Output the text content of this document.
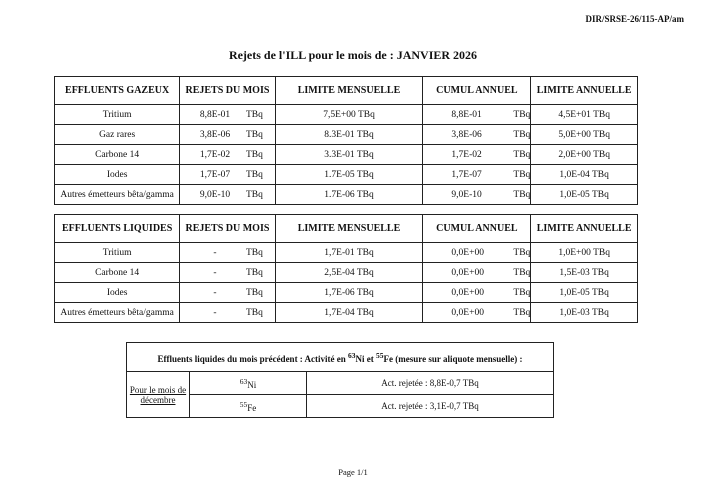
DIR/SRSE-26/115-AP/am
Rejets de l'ILL pour le mois de : JANVIER 2026
EFFLUENTS GAZEUX	REJETS DU MOIS	LIMITE MENSUELLE	CUMUL ANNUEL	LIMITE ANNUELLE
Tritium	8,8E-01 TBq	7,5E+00 TBq	8,8E-01 TBq	4,5E+01 TBq
Gaz rares	3,8E-06 TBq	8.3E-01 TBq	3,8E-06 TBq	5,0E+00 TBq
Carbone 14	1,7E-02 TBq	3.3E-01 TBq	1,7E-02 TBq	2,0E+00 TBq
Iodes	1,7E-07 TBq	1.7E-05 TBq	1,7E-07 TBq	1,0E-04 TBq
Autres émetteurs bêta/gamma	9,0E-10 TBq	1.7E-06 TBq	9,0E-10 TBq	1,0E-05 TBq
EFFLUENTS LIQUIDES	REJETS DU MOIS	LIMITE MENSUELLE	CUMUL ANNUEL	LIMITE ANNUELLE
Tritium	- TBq	1,7E-01 TBq	0,0E+00 TBq	1,0E+00 TBq
Carbone 14	- TBq	2,5E-04 TBq	0,0E+00 TBq	1,5E-03 TBq
Iodes	- TBq	1,7E-06 TBq	0,0E+00 TBq	1,0E-05 TBq
Autres émetteurs bêta/gamma	- TBq	1,7E-04 TBq	0,0E+00 TBq	1,0E-03 TBq
Effluents liquides du mois précédent : Activité en $^{63}$Ni et $^{55}$Fe (mesure sur aliquote mensuelle) :		
Pour le mois de décembre	$^{63}$Ni	Act. rejetée : 8,8E-0,7 TBq
	$^{55}$Fe	Act. rejetée : 3,1E-0,7 TBq
Page 1/1
